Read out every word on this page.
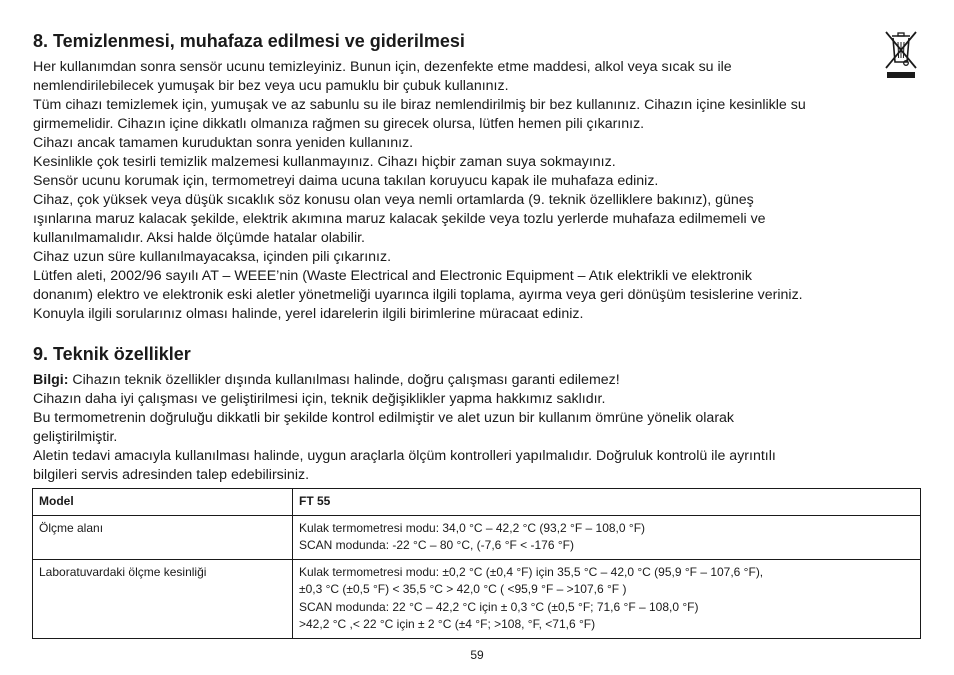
8. Temizlenmesi, muhafaza edilmesi ve giderilmesi

Her kullanımdan sonra sensör ucunu temizleyiniz. Bunun için, dezenfekte etme maddesi, alkol veya sıcak su ile

nemlendirilebilecek yumuşak bir bez veya ucu pamuklu bir çubuk kullanınız.

Tüm cihazı temizlemek için, yumuşak ve az sabunlu su ile biraz nemlendirilmiş bir bez kullanınız. Cihazın içine kesinlikle su

girmemelidir. Cihazın içine dikkatlı olmanıza rağmen su girecek olursa, lütfen hemen pili çıkarınız.

Cihazı ancak tamamen kuruduktan sonra yeniden kullanınız.

Kesinlikle çok tesirli temizlik malzemesi kullanmayınız. Cihazı hiçbir zaman suya sokmayınız.

Sensör ucunu korumak için, termometreyi daima ucuna takılan koruyucu kapak ile muhafaza ediniz.

Cihaz, çok yüksek veya düşük sıcaklık söz konusu olan veya nemli ortamlarda (9. teknik özelliklere bakınız), güneş

ışınlarına maruz kalacak şekilde, elektrik akımına maruz kalacak şekilde veya tozlu yerlerde muhafaza edilmemeli ve

kullanılmamalıdır. Aksi halde ölçümde hatalar olabilir.

Cihaz uzun süre kullanılmayacaksa, içinden pili çıkarınız.

Lütfen aleti, 2002/96 sayılı AT – WEEE’nin (Waste Electrical and Electronic Equipment – Atık elektrikli ve elektronik

donanım) elektro ve elektronik eski aletler yönetmeliği uyarınca ilgili toplama, ayırma veya geri dönüşüm tesislerine veriniz.

Konuyla ilgili sorularınız olması halinde, yerel idarelerin ilgili birimlerine müracaat ediniz.

9. Teknik özellikler

Bilgi: Cihazın teknik özellikler dışında kullanılması halinde, doğru çalışması garanti edilemez!

Cihazın daha iyi çalışması ve geliştirilmesi için, teknik değişiklikler yapma hakkımız saklıdır.

Bu termometrenin doğruluğu dikkatli bir şekilde kontrol edilmiştir ve alet uzun bir kullanım ömrüne yönelik olarak

geliştirilmiştir.

Aletin tedavi amacıyla kullanılması halinde, uygun araçlarla ölçüm kontrolleri yapılmalıdır. Doğruluk kontrolü ile ayrıntılı

bilgileri servis adresinden talep edebilirsiniz.

Model	FT 55
Ölçme alanı	Kulak termometresi modu: 34,0 °C – 42,2 °C (93,2 °F – 108,0 °F)
SCAN modunda: -22 °C – 80 °C, (-7,6 °F < -176 °F)

Laboratuvardaki ölçme kesinliği	Kulak termometresi modu: ±0,2 °C (±0,4 °F) için 35,5 °C – 42,0 °C (95,9 °F – 107,6 °F),
±0,3 °C (±0,5 °F) < 35,5 °C > 42,0 °C ( <95,9 °F – >107,6 °F )
SCAN modunda: 22 °C – 42,2 °C için ± 0,3 °C (±0,5 °F; 71,6 °F – 108,0 °F)
>42,2 °C ,< 22 °C için ± 2 °C (±4 °F; >108, °F, <71,6 °F)
59
